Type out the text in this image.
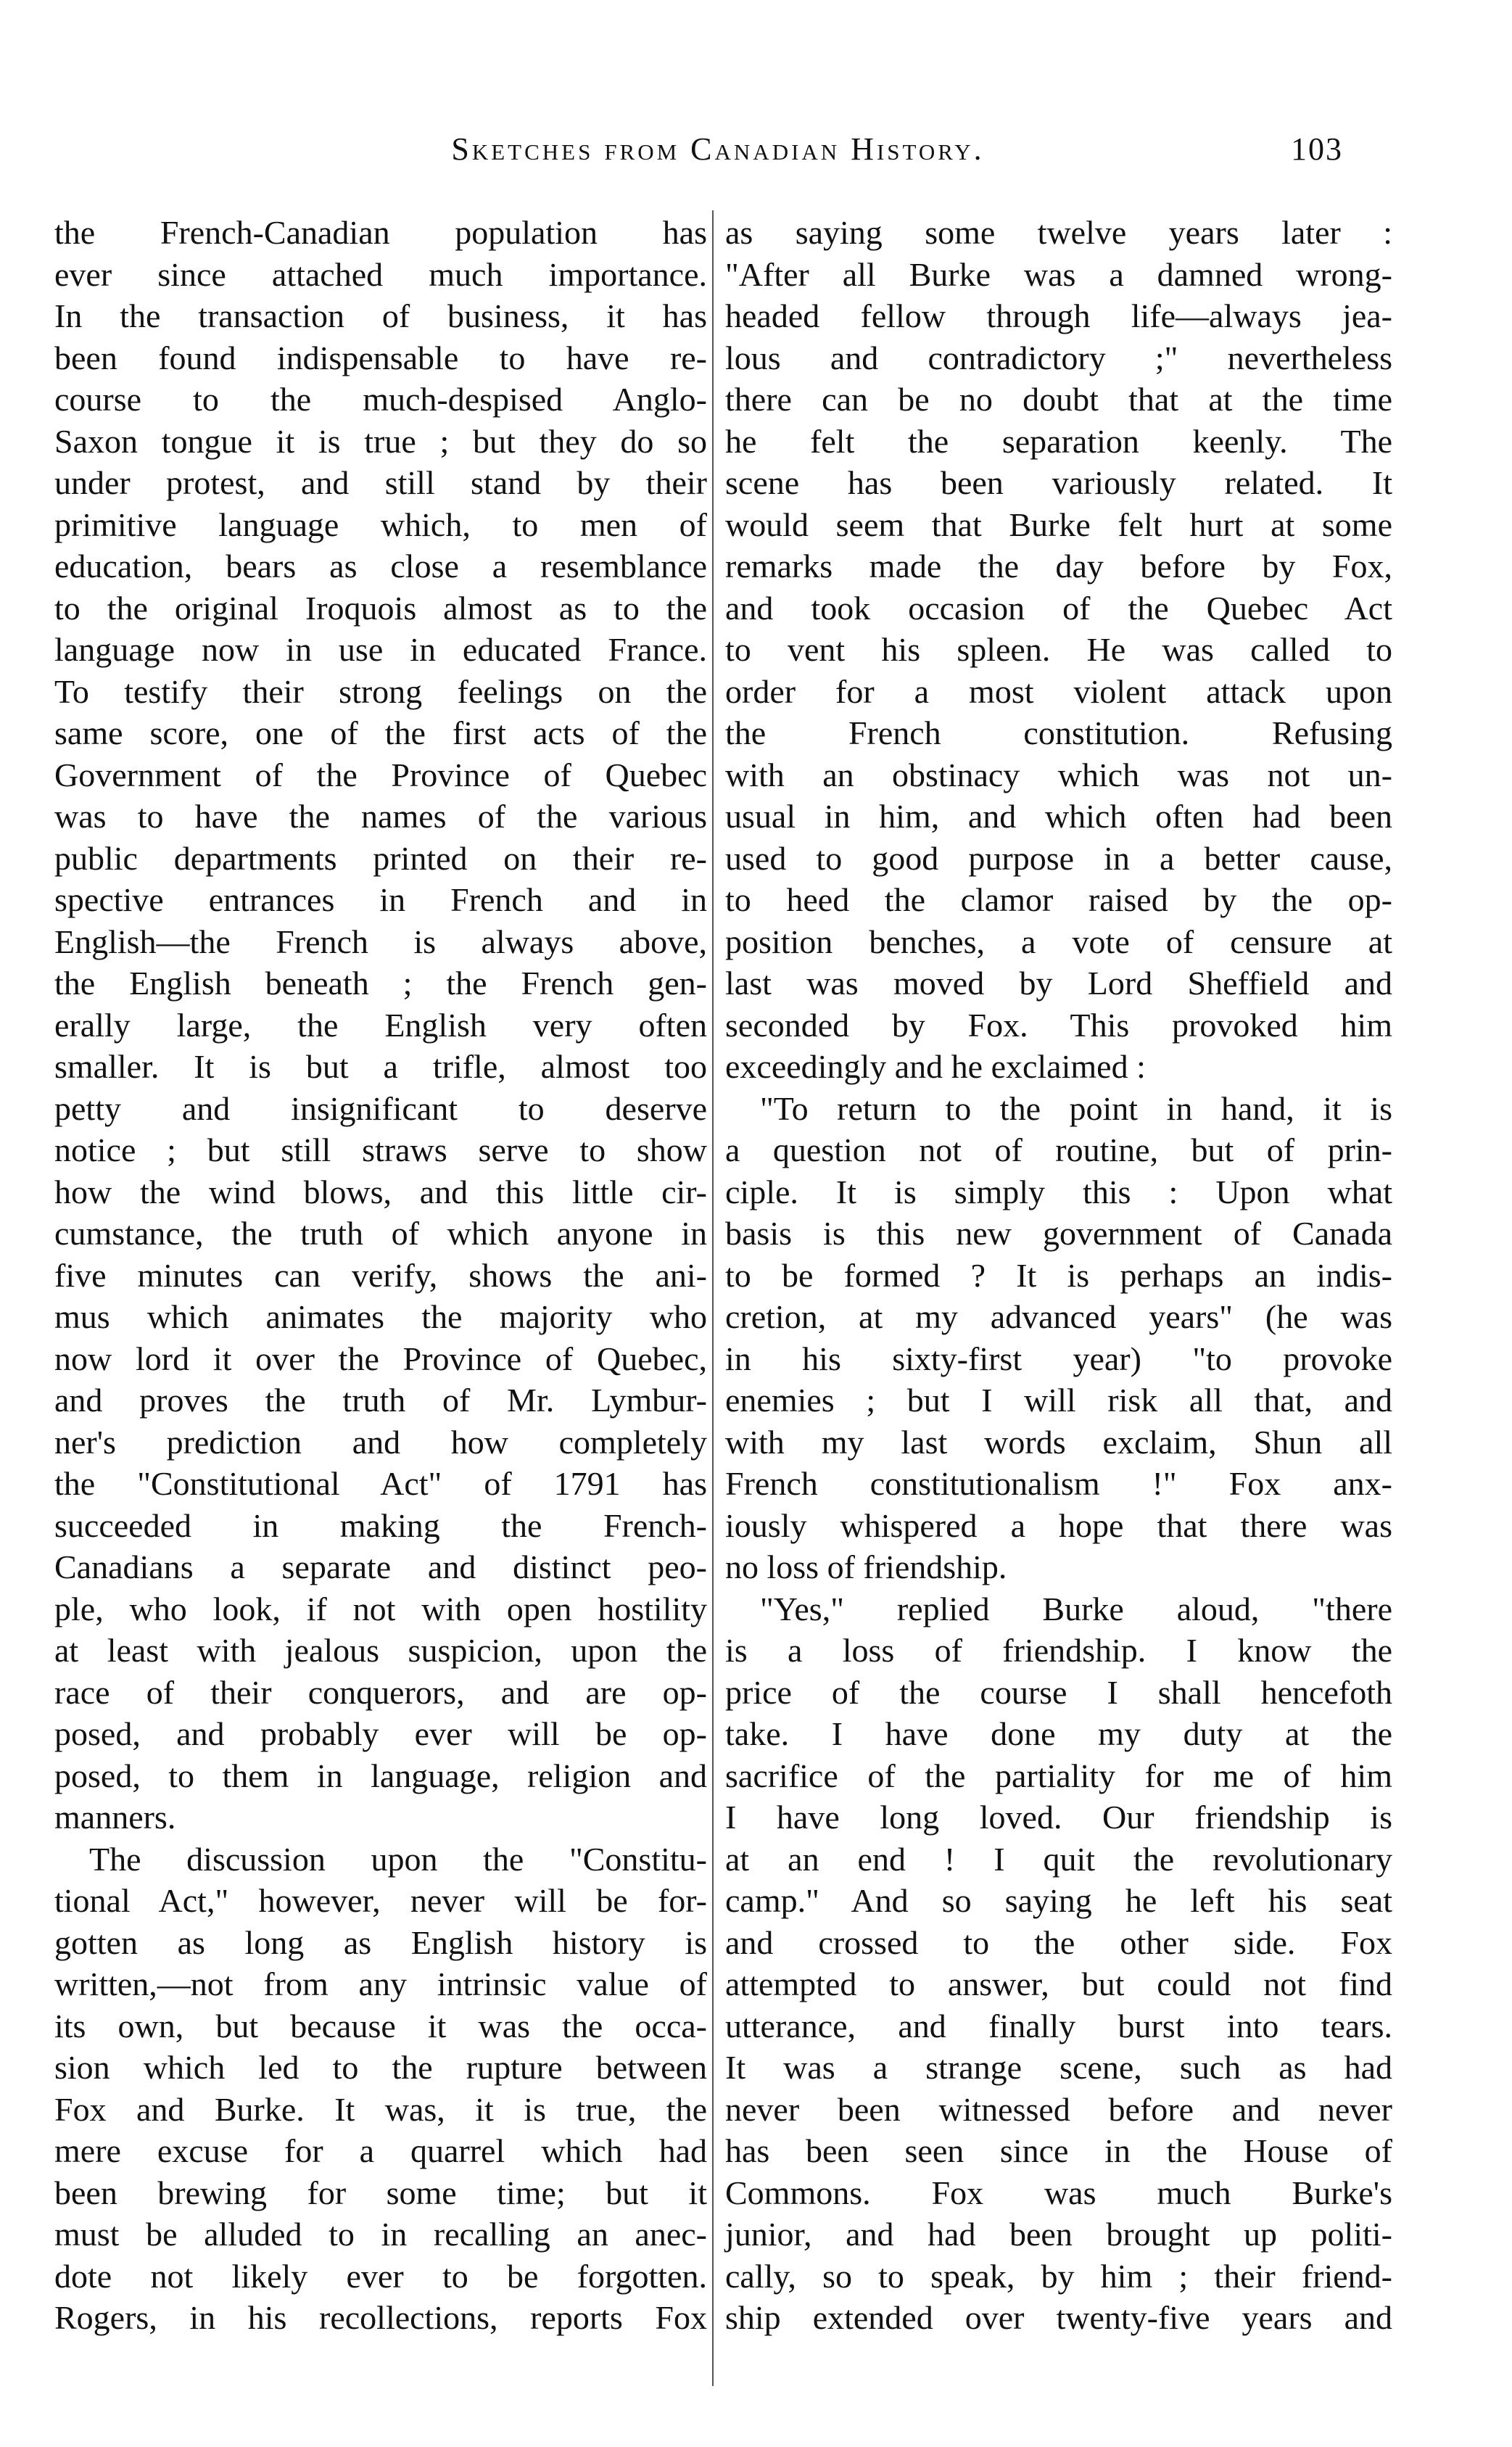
Sketches from Canadian History.	103
the French-Canadian population has
ever since attached much importance.
In the transaction of business, it has
been found indispensable to have re-
course to the much-despised Anglo-
Saxon tongue it is true ; but they do so
under protest, and still stand by their
primitive language which, to men of
education, bears as close a resemblance
to the original Iroquois almost as to the
language now in use in educated France.
To testify their strong feelings on the
same score, one of the first acts of the
Government of the Province of Quebec
was to have the names of the various
public departments printed on their re-
spective entrances in French and in
English—the French is always above,
the English beneath ; the French gen-
erally large, the English very often
smaller. It is but a trifle, almost too
petty and insignificant to deserve
notice ; but still straws serve to show
how the wind blows, and this little cir-
cumstance, the truth of which anyone in
five minutes can verify, shows the ani-
mus which animates the majority who
now lord it over the Province of Quebec,
and proves the truth of Mr. Lymbur-
ner's prediction and how completely
the "Constitutional Act" of 1791 has
succeeded in making the French-
Canadians a separate and distinct peo-
ple, who look, if not with open hostility
at least with jealous suspicion, upon the
race of their conquerors, and are op-
posed, and probably ever will be op-
posed, to them in language, religion and
manners.
The discussion upon the "Constitu-
tional Act," however, never will be for-
gotten as long as English history is
written,—not from any intrinsic value of
its own, but because it was the occa-
sion which led to the rupture between
Fox and Burke. It was, it is true, the
mere excuse for a quarrel which had
been brewing for some time; but it
must be alluded to in recalling an anec-
dote not likely ever to be forgotten.
Rogers, in his recollections, reports Fox
as saying some twelve years later :
"After all Burke was a damned wrong-
headed fellow through life—always jea-
lous and contradictory ;" nevertheless
there can be no doubt that at the time
he felt the separation keenly. The
scene has been variously related. It
would seem that Burke felt hurt at some
remarks made the day before by Fox,
and took occasion of the Quebec Act
to vent his spleen. He was called to
order for a most violent attack upon
the French constitution. Refusing
with an obstinacy which was not un-
usual in him, and which often had been
used to good purpose in a better cause,
to heed the clamor raised by the op-
position benches, a vote of censure at
last was moved by Lord Sheffield and
seconded by Fox. This provoked him
exceedingly and he exclaimed :
"To return to the point in hand, it is
a question not of routine, but of prin-
ciple. It is simply this : Upon what
basis is this new government of Canada
to be formed ? It is perhaps an indis-
cretion, at my advanced years" (he was
in his sixty-first year) "to provoke
enemies ; but I will risk all that, and
with my last words exclaim, Shun all
French constitutionalism !" Fox anx-
iously whispered a hope that there was
no loss of friendship.
"Yes," replied Burke aloud, "there
is a loss of friendship. I know the
price of the course I shall hencefoth
take. I have done my duty at the
sacrifice of the partiality for me of him
I have long loved. Our friendship is
at an end ! I quit the revolutionary
camp." And so saying he left his seat
and crossed to the other side. Fox
attempted to answer, but could not find
utterance, and finally burst into tears.
It was a strange scene, such as had
never been witnessed before and never
has been seen since in the House of
Commons. Fox was much Burke's
junior, and had been brought up politi-
cally, so to speak, by him ; their friend-
ship extended over twenty-five years and
